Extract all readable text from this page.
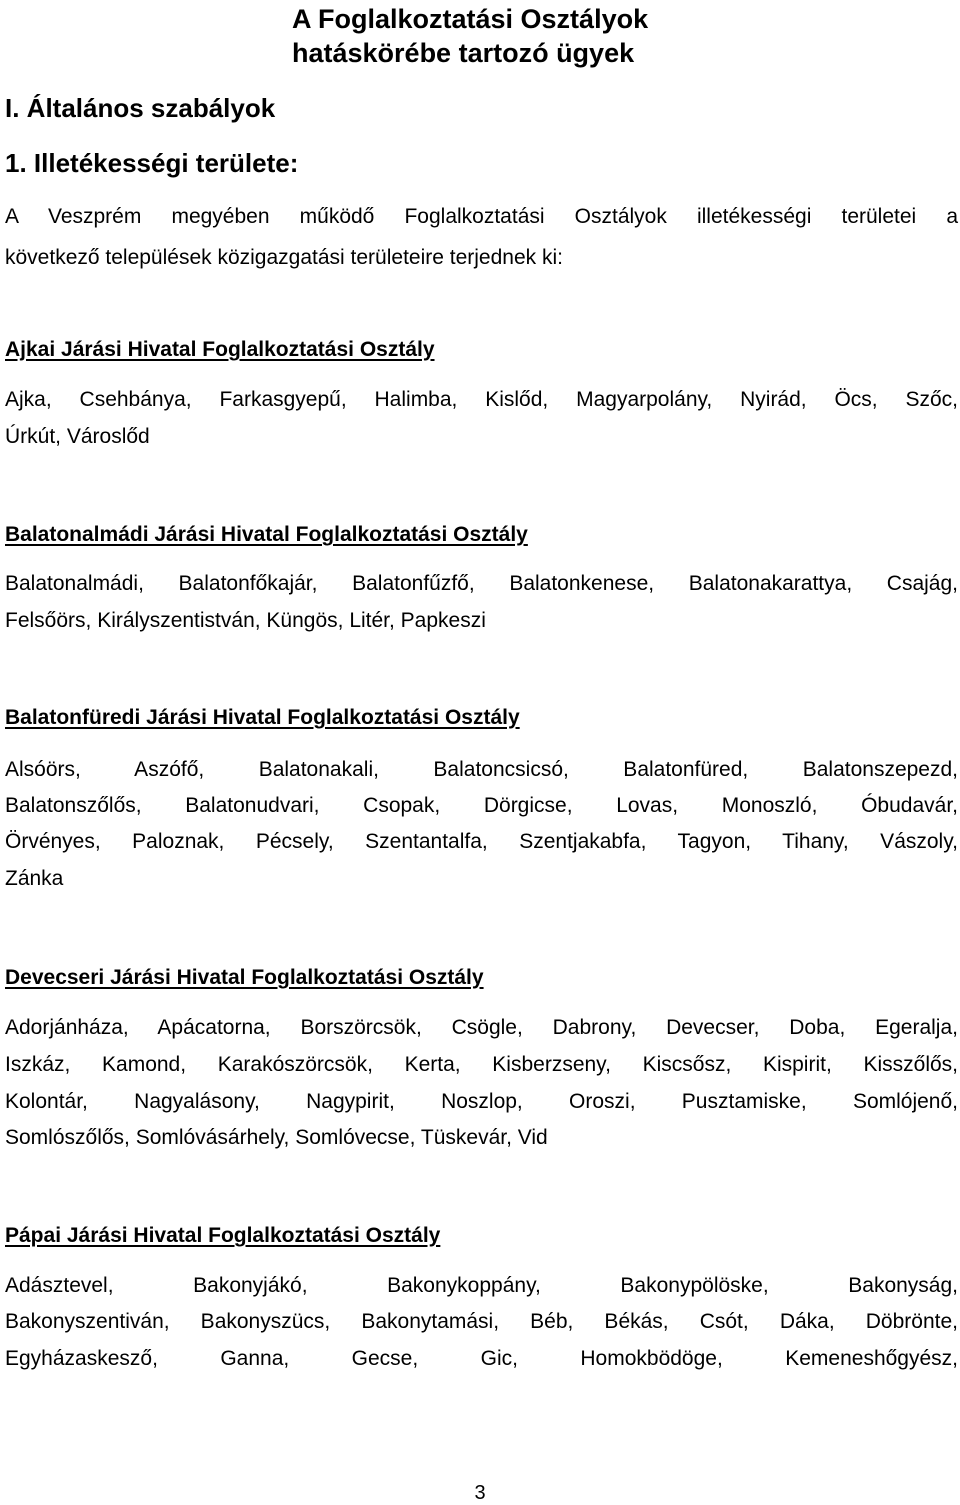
A Foglalkoztatási Osztályok
hatáskörébe tartozó ügyek
I. Általános szabályok
1. Illetékességi területe:
A Veszprém megyében működő Foglalkoztatási Osztályok illetékességi területei a
következő települések közigazgatási területeire terjednek ki:
Ajkai Járási Hivatal Foglalkoztatási Osztály
Ajka, Csehbánya, Farkasgyepű, Halimba, Kislőd, Magyarpolány, Nyirád, Öcs, Szőc,
Úrkút, Városlőd
Balatonalmádi Járási Hivatal Foglalkoztatási Osztály
Balatonalmádi, Balatonfőkajár, Balatonfűzfő, Balatonkenese, Balatonakarattya, Csajág,
Felsőörs, Királyszentistván, Küngös, Litér, Papkeszi
Balatonfüredi Járási Hivatal Foglalkoztatási Osztály
Alsóörs, Aszófő, Balatonakali, Balatoncsicsó, Balatonfüred, Balatonszepezd,
Balatonszőlős, Balatonudvari, Csopak, Dörgicse, Lovas, Monoszló, Óbudavár,
Örvényes, Paloznak, Pécsely, Szentantalfa, Szentjakabfa, Tagyon, Tihany, Vászoly,
Zánka
Devecseri Járási Hivatal Foglalkoztatási Osztály
Adorjánháza, Apácatorna, Borszörcsök, Csögle, Dabrony, Devecser, Doba, Egeralja,
Iszkáz, Kamond, Karakószörcsök, Kerta, Kisberzseny, Kiscsősz, Kispirit, Kisszőlős,
Kolontár, Nagyalásony, Nagypirit, Noszlop, Oroszi, Pusztamiske, Somlójenő,
Somlószőlős, Somlóvásárhely, Somlóvecse, Tüskevár, Vid
Pápai Járási Hivatal Foglalkoztatási Osztály
Adásztevel, Bakonyjákó, Bakonykoppány, Bakonypölöske, Bakonyság,
Bakonyszentiván, Bakonyszücs, Bakonytamási, Béb, Békás, Csót, Dáka, Döbrönte,
Egyházaskesző, Ganna, Gecse, Gic, Homokbödöge, Kemeneshőgyész,
3
